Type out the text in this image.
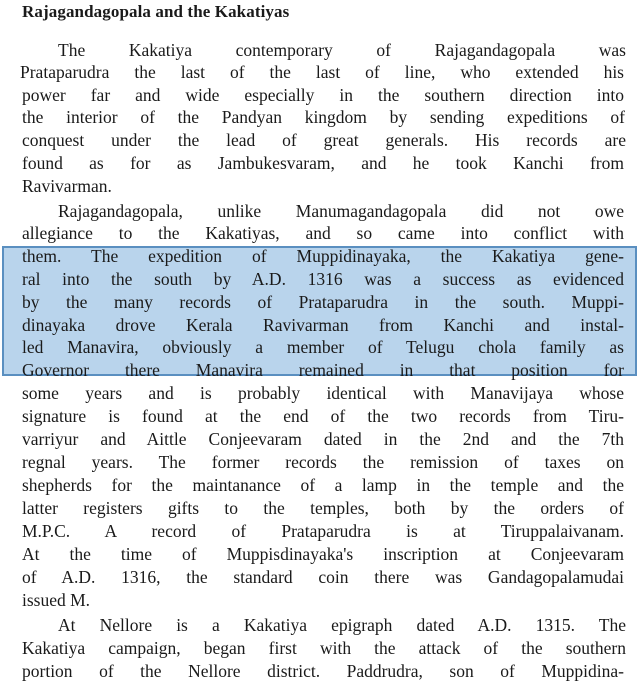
Rajagandagopala and the Kakatiyas
The Kakatiya contemporary of Rajagandagopala was
Prataparudra the last of the last of line, who extended his
power far and wide especially in the southern direction into
the interior of the Pandyan kingdom by sending expeditions of
conquest under the lead of great generals. His records are
found as for as Jambukesvaram, and he took Kanchi from
Ravivarman.
Rajagandagopala, unlike Manumagandagopala did not owe
allegiance to the Kakatiyas, and so came into conflict with
them. The expedition of Muppidinayaka, the Kakatiya gene-
ral into the south by A.D. 1316 was a success as evidenced
by the many records of Prataparudra in the south. Muppi-
dinayaka drove Kerala Ravivarman from Kanchi and instal-
led Manavira, obviously a member of Telugu chola family as
Governor there Manavira remained in that position for
some years and is probably identical with Manavijaya whose
signature is found at the end of the two records from Tiru-
varriyur and Aittle Conjeevaram dated in the 2nd and the 7th
regnal years. The former records the remission of taxes on
shepherds for the maintanance of a lamp in the temple and the
latter registers gifts to the temples, both by the orders of
M.P.C. A record of Prataparudra is at Tiruppalaivanam.
At the time of Muppisdinayaka's inscription at Conjeevaram
of A.D. 1316, the standard coin there was Gandagopalamudai
issued M.
At Nellore is a Kakatiya epigraph dated A.D. 1315. The
Kakatiya campaign, began first with the attack of the southern
portion of the Nellore district. Paddrudra, son of Muppidina-
